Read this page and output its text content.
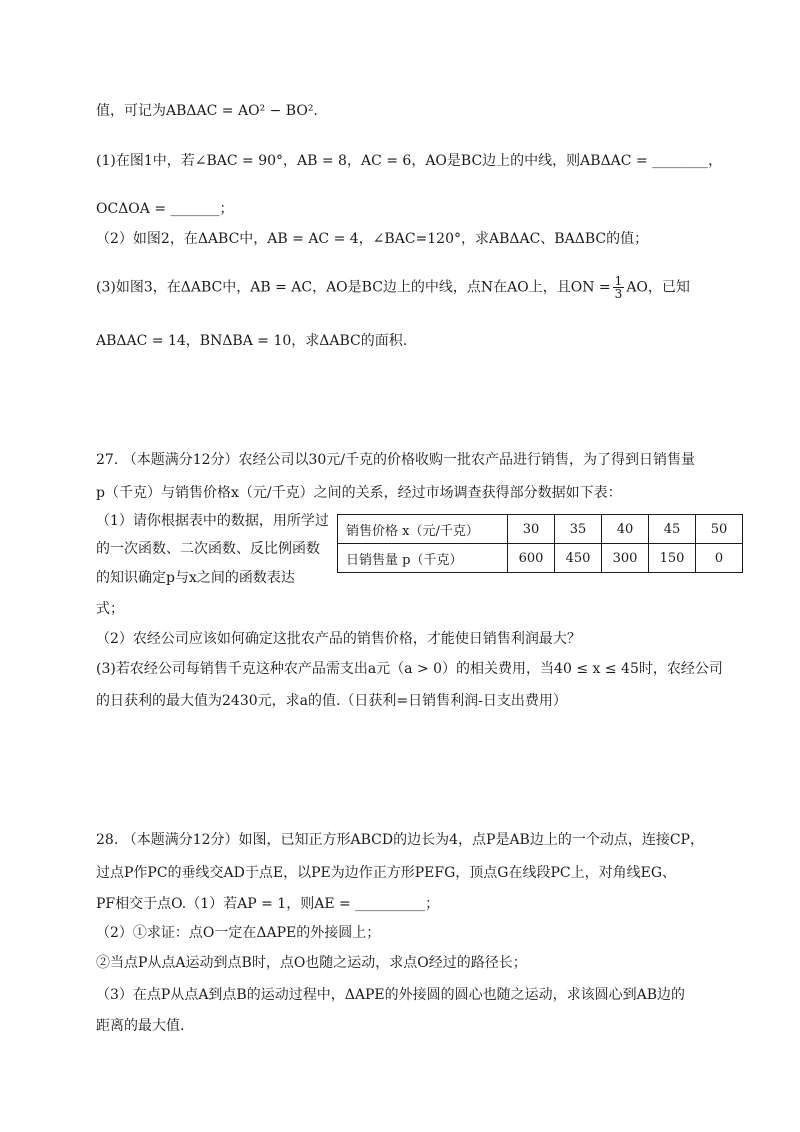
值，可记为ABΔAC = AO² − BO².
(1)在图1中，若∠BAC = 90°，AB = 8，AC = 6，AO是BC边上的中线，则ABΔAC = ________，
OCΔOA = _______；
（2）如图2，在ΔABC中，AB = AC = 4，∠BAC=120°，求ABΔAC、BAΔBC的值；
(3)如图3，在ΔABC中，AB = AC，AO是BC边上的中线，点N在AO上，且ON = $\frac{1}{3}$ AO，已知
ABΔAC = 14，BNΔBA = 10，求ΔABC的面积.
27. （本题满分12分）农经公司以30元/千克的价格收购一批农产品进行销售，为了得到日销售量
p（千克）与销售价格x（元/千克）之间的关系，经过市场调查获得部分数据如下表：
（1）请你根据表中的数据，用所学过
的一次函数、二次函数、反比例函数
的知识确定p与x之间的函数表达
式；
销售价格 x（元/千克）	30	35	40	45	50
日销售量 p（千克）	600	450	300	150	0
（2）农经公司应该如何确定这批农产品的销售价格，才能使日销售利润最大？
(3)若农经公司每销售千克这种农产品需支出a元（a > 0）的相关费用，当40 ≤ x ≤ 45时，农经公司
的日获利的最大值为2430元，求a的值.（日获利=日销售利润-日支出费用）
28. （本题满分12分）如图，已知正方形ABCD的边长为4，点P是AB边上的一个动点，连接CP，
过点P作PC的垂线交AD于点E，以PE为边作正方形PEFG，顶点G在线段PC上，对角线EG、
PF相交于点O.（1）若AP = 1，则AE = __________；
（2）①求证：点O一定在ΔAPE的外接圆上；
②当点P从点A运动到点B时，点O也随之运动，求点O经过的路径长；
（3）在点P从点A到点B的运动过程中，ΔAPE的外接圆的圆心也随之运动，求该圆心到AB边的
距离的最大值.
